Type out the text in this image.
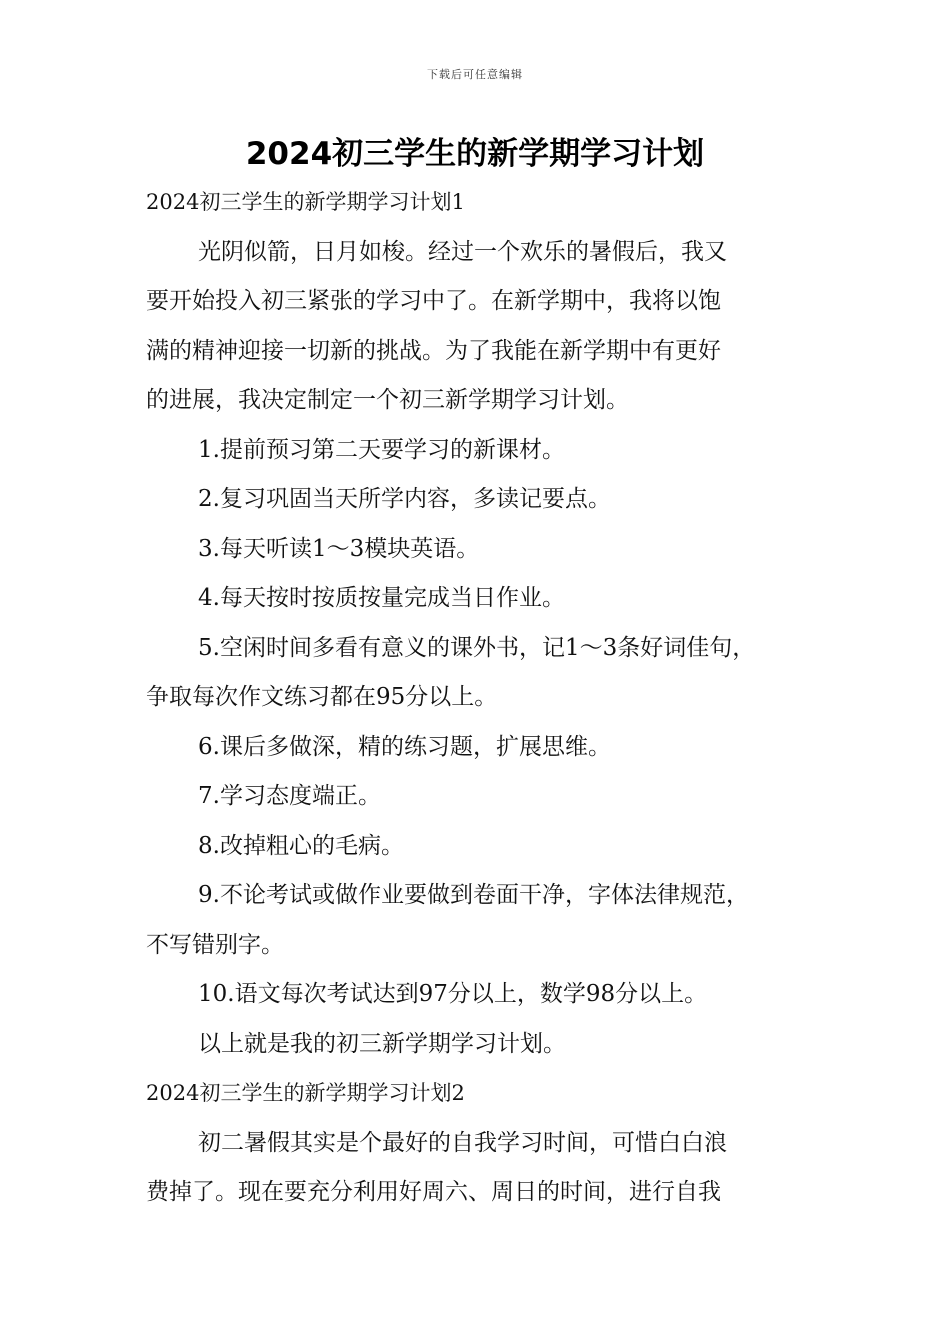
下载后可任意编辑
2024初三学生的新学期学习计划

2024初三学生的新学期学习计划1

光阴似箭，日月如梭。经过一个欢乐的暑假后，我又

要开始投入初三紧张的学习中了。在新学期中，我将以饱

满的精神迎接一切新的挑战。为了我能在新学期中有更好

的进展，我决定制定一个初三新学期学习计划。

1.提前预习第二天要学习的新课材。

2.复习巩固当天所学内容，多读记要点。

3.每天听读1～3模块英语。

4.每天按时按质按量完成当日作业。

5.空闲时间多看有意义的课外书，记1～3条好词佳句，

争取每次作文练习都在95分以上。

6.课后多做深，精的练习题，扩展思维。

7.学习态度端正。

8.改掉粗心的毛病。

9.不论考试或做作业要做到卷面干净，字体法律规范，

不写错别字。

10.语文每次考试达到97分以上，数学98分以上。

以上就是我的初三新学期学习计划。

2024初三学生的新学期学习计划2

初二暑假其实是个最好的自我学习时间，可惜白白浪

费掉了。现在要充分利用好周六、周日的时间，进行自我
